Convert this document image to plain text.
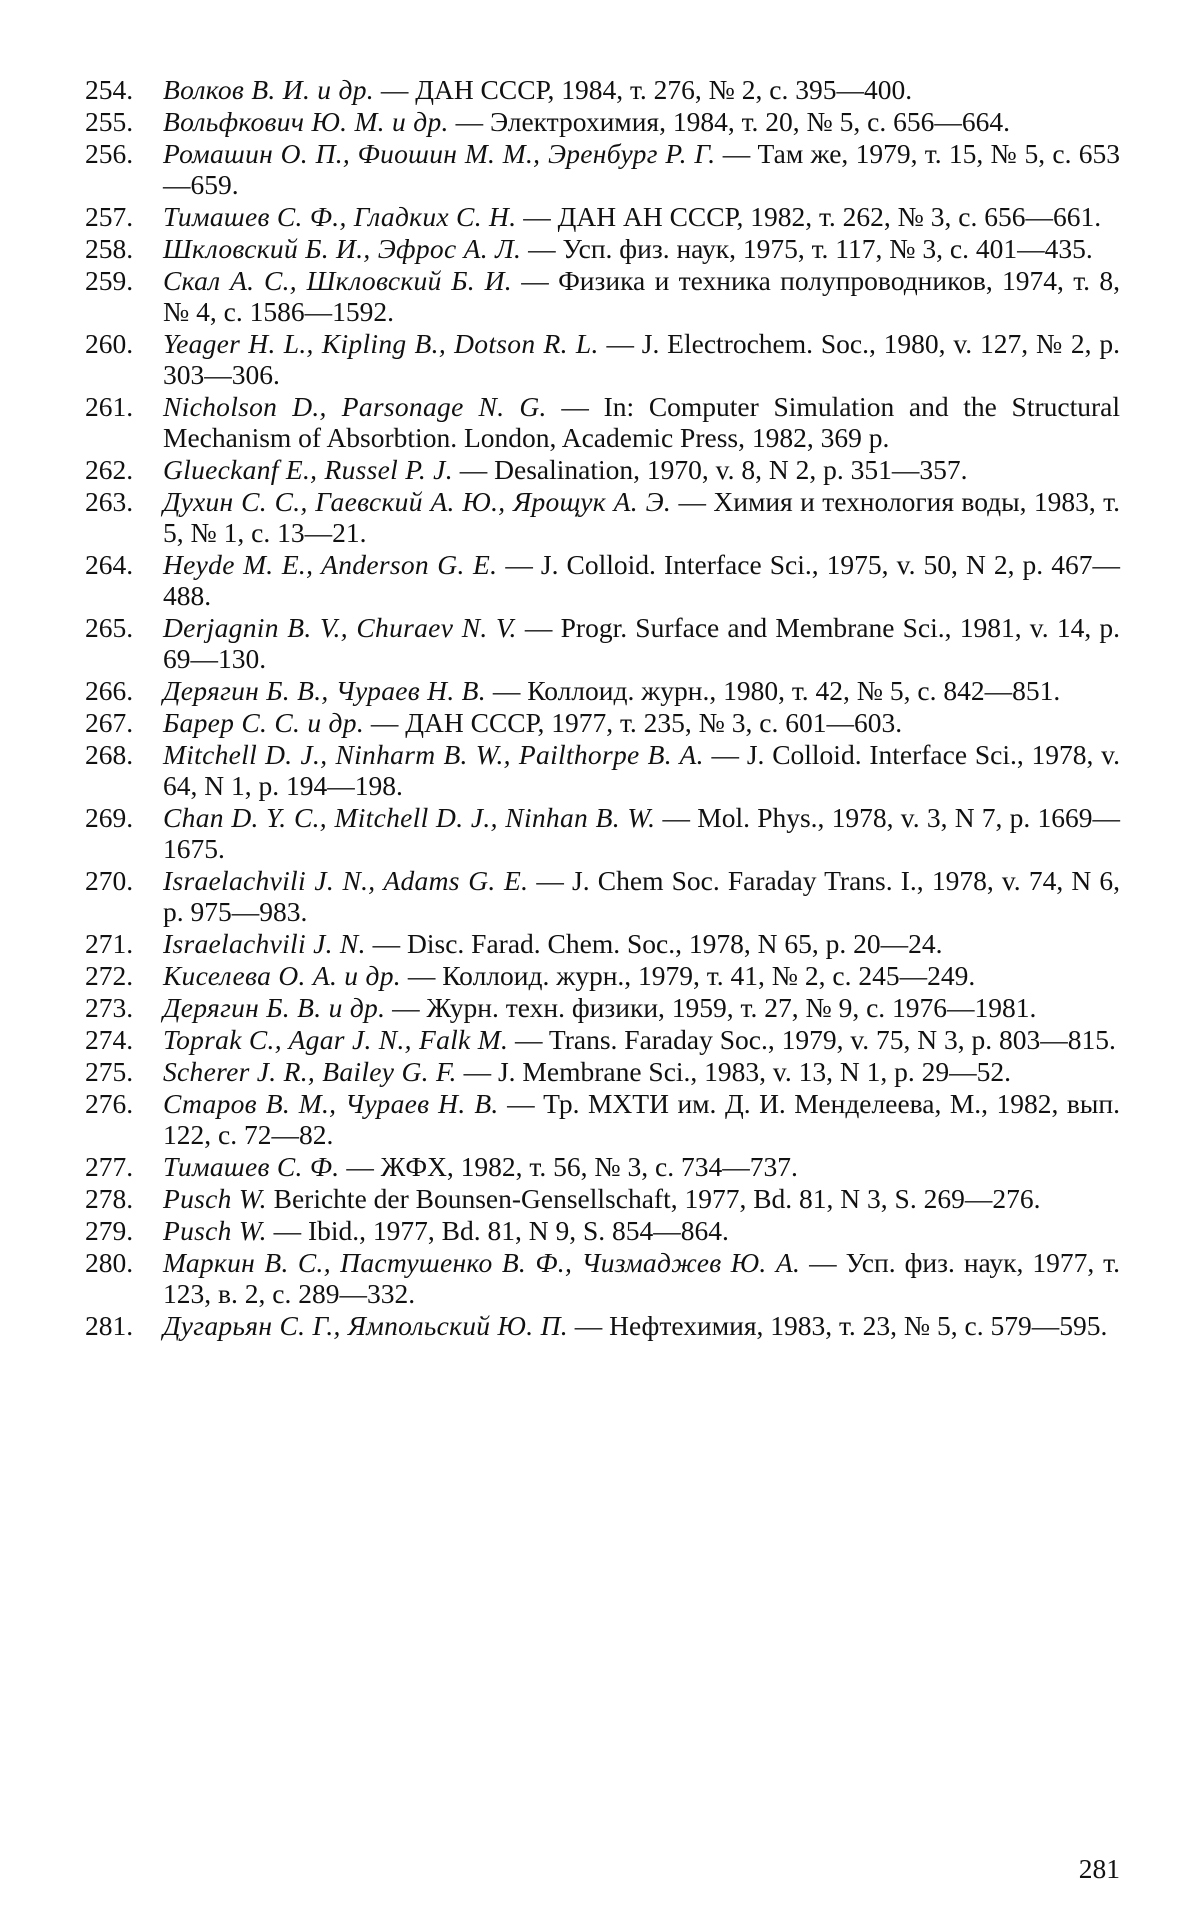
254. Волков В. И. и др. — ДАН СССР, 1984, т. 276, № 2, с. 395—400.
255. Вольфкович Ю. М. и др. — Электрохимия, 1984, т. 20, № 5, с. 656—664.
256. Ромашин О. П., Фиошин М. М., Эренбург Р. Г. — Там же, 1979, т. 15, № 5, с. 653—659.
257. Тимашев С. Ф., Гладких С. Н. — ДАН АН СССР, 1982, т. 262, № 3, с. 656—661.
258. Шкловский Б. И., Эфрос А. Л. — Усп. физ. наук, 1975, т. 117, № 3, с. 401—435.
259. Скал А. С., Шкловский Б. И. — Физика и техника полупроводников, 1974, т. 8, № 4, с. 1586—1592.
260. Yeager H. L., Kipling B., Dotson R. L. — J. Electrochem. Soc., 1980, v. 127, № 2, p. 303—306.
261. Nicholson D., Parsonage N. G. — In: Computer Simulation and the Structural Mechanism of Absorbtion. London, Academic Press, 1982, 369 p.
262. Glueckanf E., Russel P. J. — Desalination, 1970, v. 8, N 2, p. 351—357.
263. Духин С. С., Гаевский А. Ю., Ярощук А. Э. — Химия и технология воды, 1983, т. 5, № 1, с. 13—21.
264. Heyde M. E., Anderson G. E. — J. Colloid. Interface Sci., 1975, v. 50, N 2, p. 467—488.
265. Derjagnin B. V., Churaev N. V. — Progr. Surface and Membrane Sci., 1981, v. 14, p. 69—130.
266. Дерягин Б. В., Чураев Н. В. — Коллоид. журн., 1980, т. 42, № 5, с. 842—851.
267. Барер С. С. и др. — ДАН СССР, 1977, т. 235, № 3, с. 601—603.
268. Mitchell D. J., Ninharm B. W., Pailthorpe B. A. — J. Colloid. Interface Sci., 1978, v. 64, N 1, p. 194—198.
269. Chan D. Y. C., Mitchell D. J., Ninhan B. W. — Mol. Phys., 1978, v. 3, N 7, p. 1669—1675.
270. Israelachvili J. N., Adams G. E. — J. Chem Soc. Faraday Trans. I., 1978, v. 74, N 6, p. 975—983.
271. Israelachvili J. N. — Disc. Farad. Chem. Soc., 1978, N 65, p. 20—24.
272. Киселева О. А. и др. — Коллоид. журн., 1979, т. 41, № 2, с. 245—249.
273. Дерягин Б. В. и др. — Журн. техн. физики, 1959, т. 27, № 9, с. 1976—1981.
274. Toprak C., Agar J. N., Falk M. — Trans. Faraday Soc., 1979, v. 75, N 3, p. 803—815.
275. Scherer J. R., Bailey G. F. — J. Membrane Sci., 1983, v. 13, N 1, p. 29—52.
276. Старов В. М., Чураев Н. В. — Тр. МХТИ им. Д. И. Менделеева, М., 1982, вып. 122, с. 72—82.
277. Тимашев С. Ф. — ЖФХ, 1982, т. 56, № 3, с. 734—737.
278. Pusch W. Berichte der Bounsen-Gensellschaft, 1977, Bd. 81, N 3, S. 269—276.
279. Pusch W. — Ibid., 1977, Bd. 81, N 9, S. 854—864.
280. Маркин В. С., Пастушенко В. Ф., Чизмаджев Ю. А. — Усп. физ. наук, 1977, т. 123, в. 2, с. 289—332.
281. Дугарьян С. Г., Ямпольский Ю. П. — Нефтехимия, 1983, т. 23, № 5, с. 579—595.
281
